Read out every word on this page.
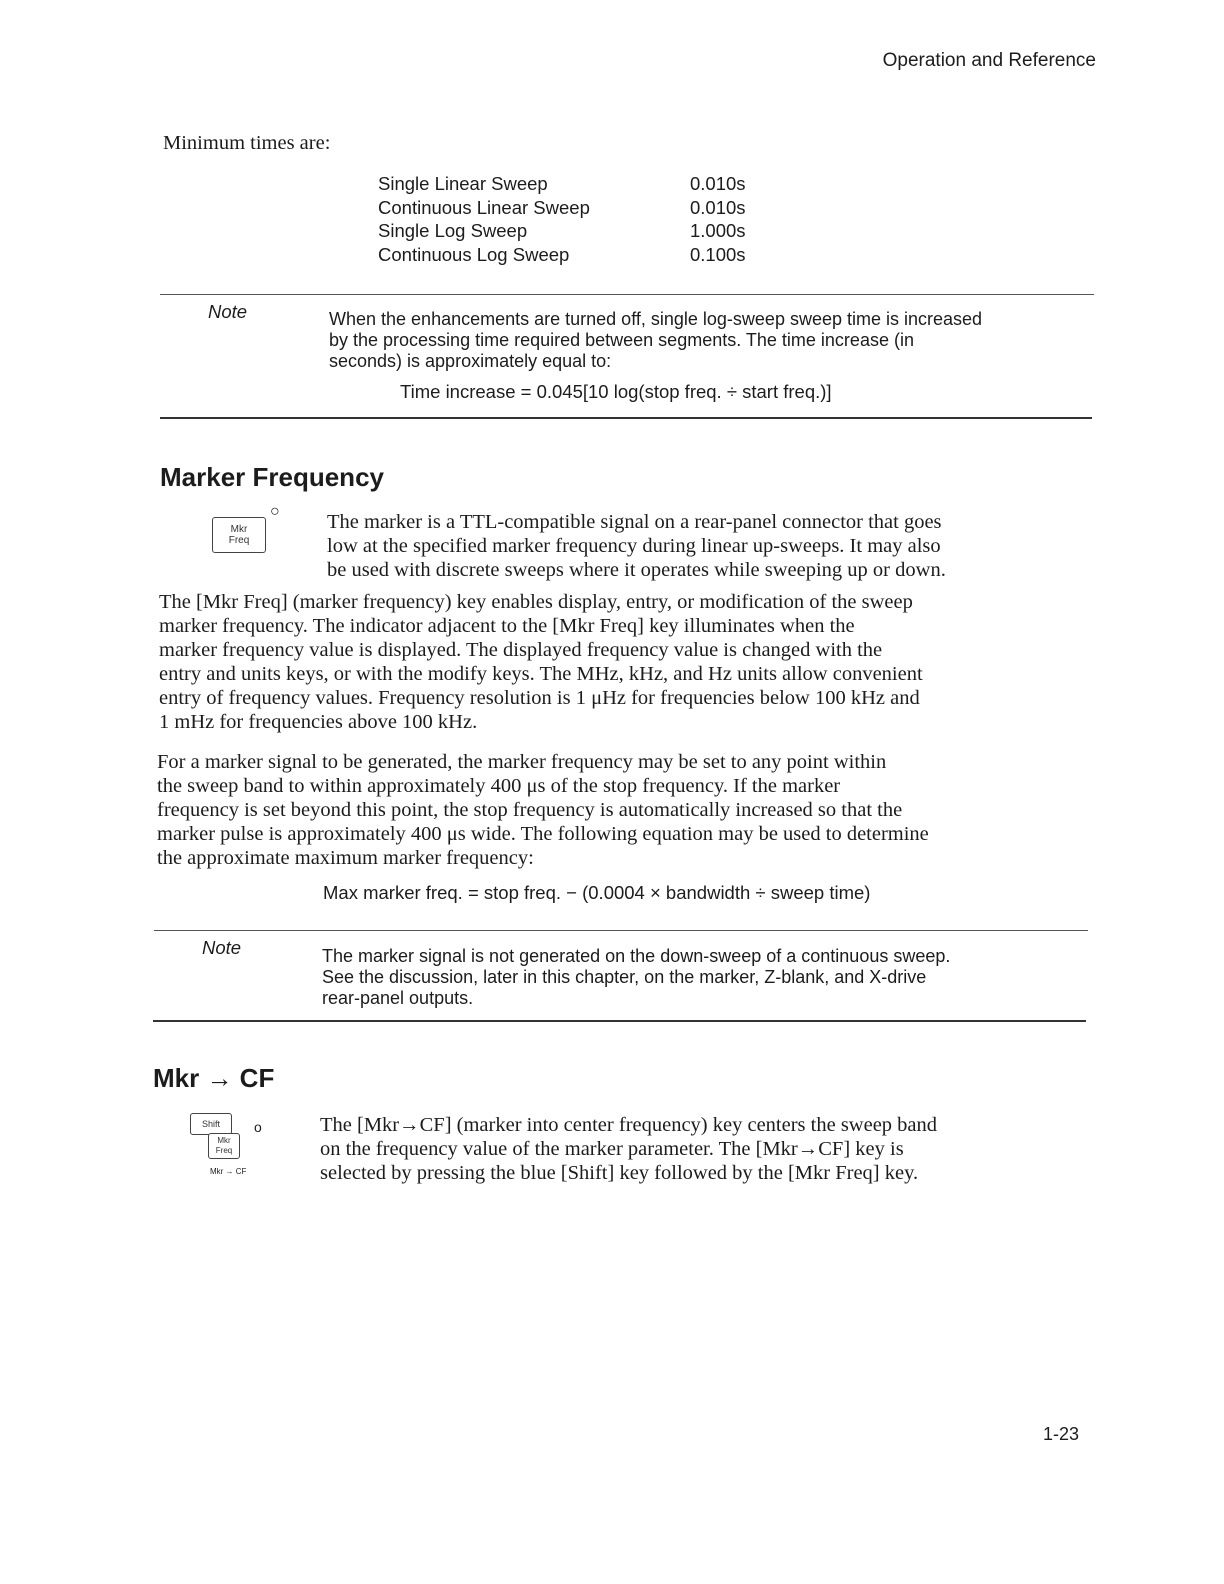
Operation and Reference
Minimum times are:
Single Linear Sweep	0.010s
Continuous Linear Sweep	0.010s
Single Log Sweep	1.000s
Continuous Log Sweep	0.100s
Note	When the enhancements are turned off, single log-sweep sweep time is increased
by the processing time required between segments. The time increase (in
seconds) is approximately equal to:
Time increase = 0.045[10 log(stop freq. ÷ start freq.)]
Marker Frequency
Mkr
Freq
○ The marker is a TTL-compatible signal on a rear-panel connector that goes
low at the specified marker frequency during linear up-sweeps. It may also
be used with discrete sweeps where it operates while sweeping up or down.
The [Mkr Freq] (marker frequency) key enables display, entry, or modification of the sweep
marker frequency. The indicator adjacent to the [Mkr Freq] key illuminates when the
marker frequency value is displayed. The displayed frequency value is changed with the
entry and units keys, or with the modify keys. The MHz, kHz, and Hz units allow convenient
entry of frequency values. Frequency resolution is 1 μHz for frequencies below 100 kHz and
1 mHz for frequencies above 100 kHz.
For a marker signal to be generated, the marker frequency may be set to any point within
the sweep band to within approximately 400 μs of the stop frequency. If the marker
frequency is set beyond this point, the stop frequency is automatically increased so that the
marker pulse is approximately 400 μs wide. The following equation may be used to determine
the approximate maximum marker frequency:
Max marker freq. = stop freq. − (0.0004 × bandwidth ÷ sweep time)
Note	The marker signal is not generated on the down-sweep of a continuous sweep.
See the discussion, later in this chapter, on the marker, Z-blank, and X-drive
rear-panel outputs.
Mkr → CF
Shift
Mkr
Freq
o
Mkr → CF
The [Mkr→CF] (marker into center frequency) key centers the sweep band
on the frequency value of the marker parameter. The [Mkr→CF] key is
selected by pressing the blue [Shift] key followed by the [Mkr Freq] key.
1-23
